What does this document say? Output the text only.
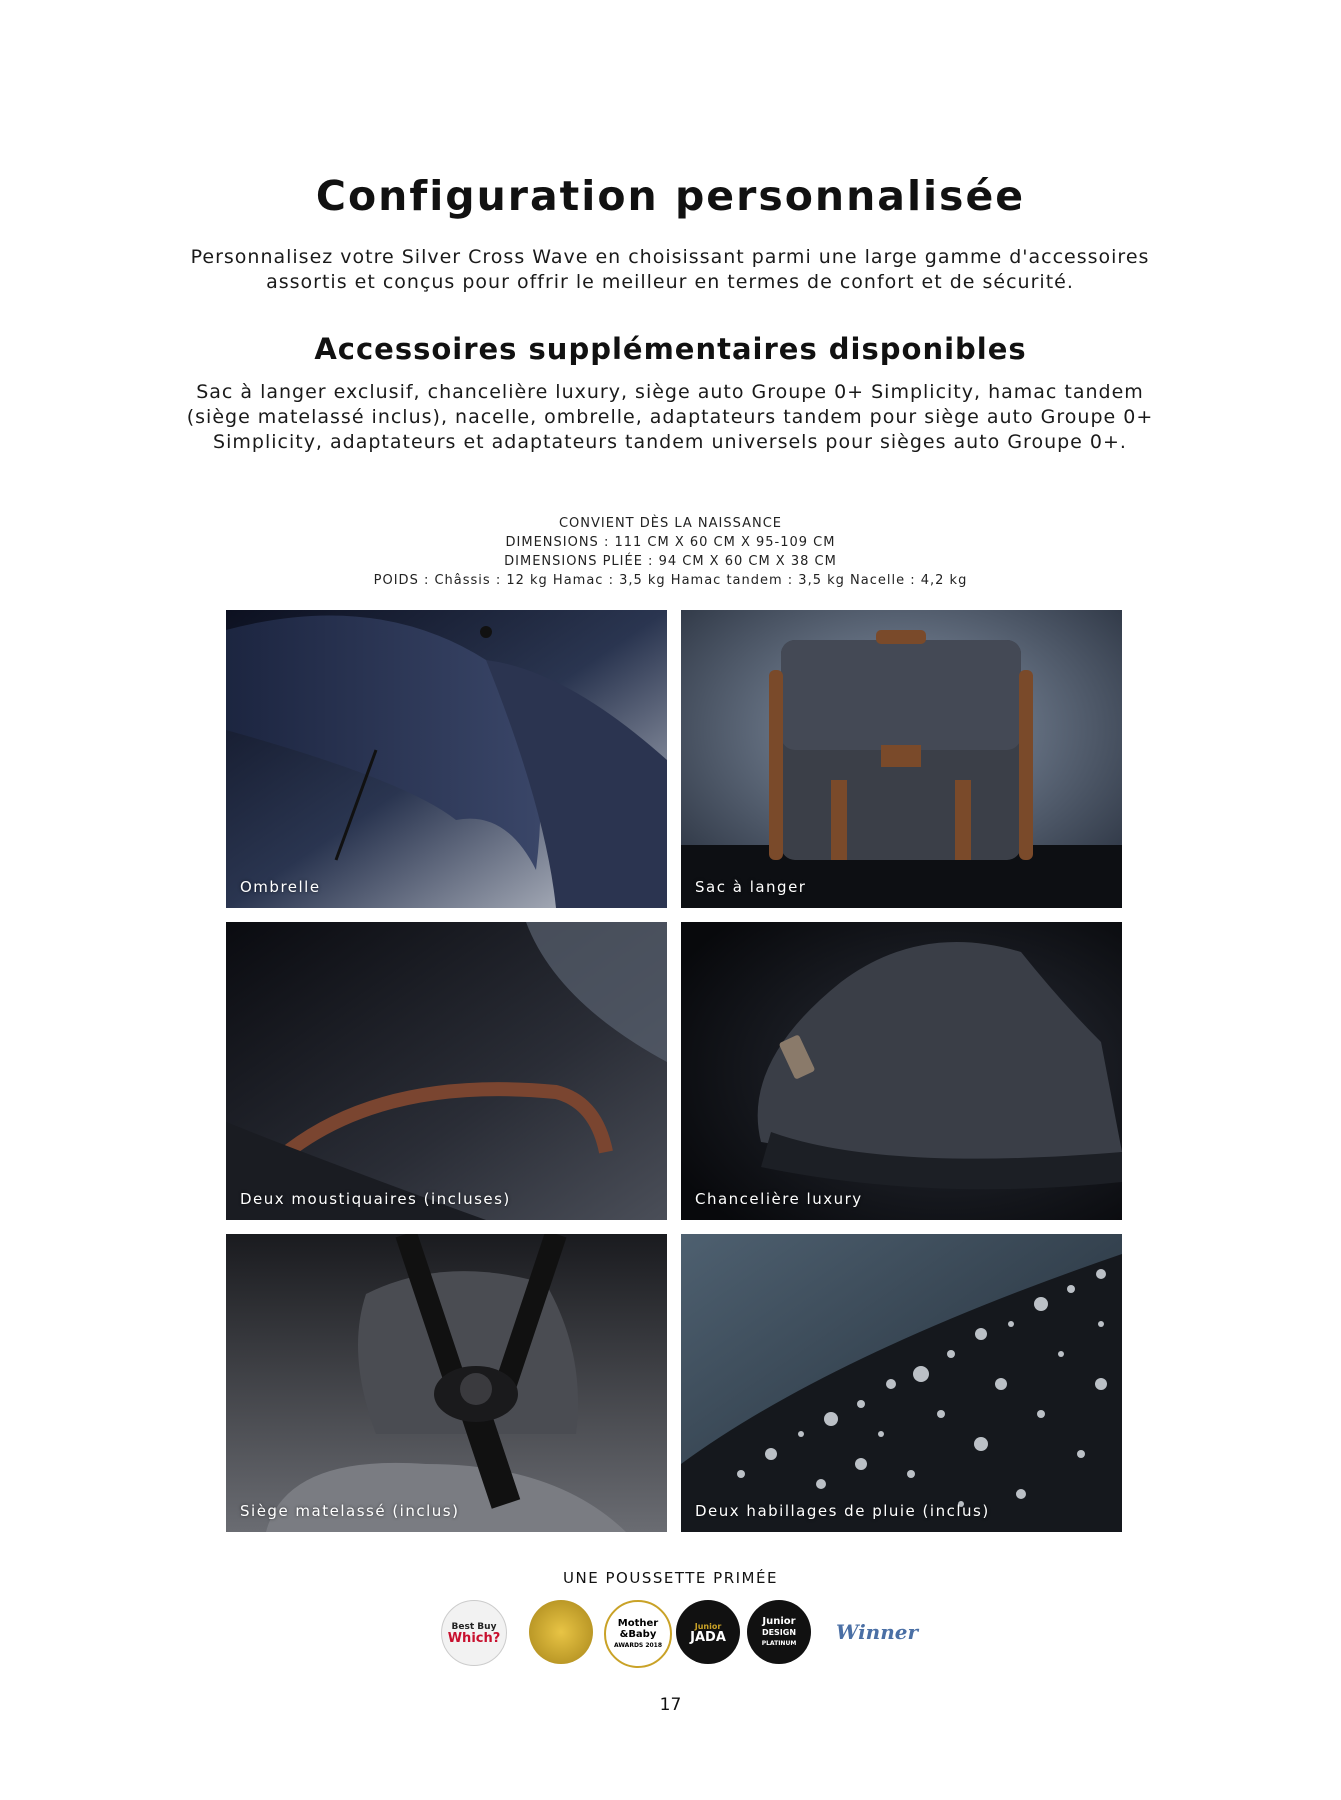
Configuration personnalisée
Personnalisez votre Silver Cross Wave en choisissant parmi une large gamme d'accessoires assortis et conçus pour offrir le meilleur en termes de confort et de sécurité.
Accessoires supplémentaires disponibles
Sac à langer exclusif, chancelière luxury, siège auto Groupe 0+ Simplicity, hamac tandem (siège matelassé inclus), nacelle, ombrelle, adaptateurs tandem pour siège auto Groupe 0+ Simplicity, adaptateurs et adaptateurs tandem universels pour sièges auto Groupe 0+.
CONVIENT DÈS LA NAISSANCE
DIMENSIONS : 111 CM X 60 CM X 95-109 CM
DIMENSIONS PLIÉE : 94 CM X 60 CM X 38 CM
POIDS : Châssis : 12 kg Hamac : 3,5 kg Hamac tandem : 3,5 kg Nacelle : 4,2 kg
Ombrelle	Sac à langer
Deux moustiquaires (incluses)	Chancelière luxury
Siège matelassé (inclus)	Deux habillages de pluie (inclus)
UNE POUSSETTE PRIMÉE
Best Buy
Which?
Mother
&Baby
AWARDS 2018
Junior
JADA
Junior
DESIGN
PLATINUM Winner
17
